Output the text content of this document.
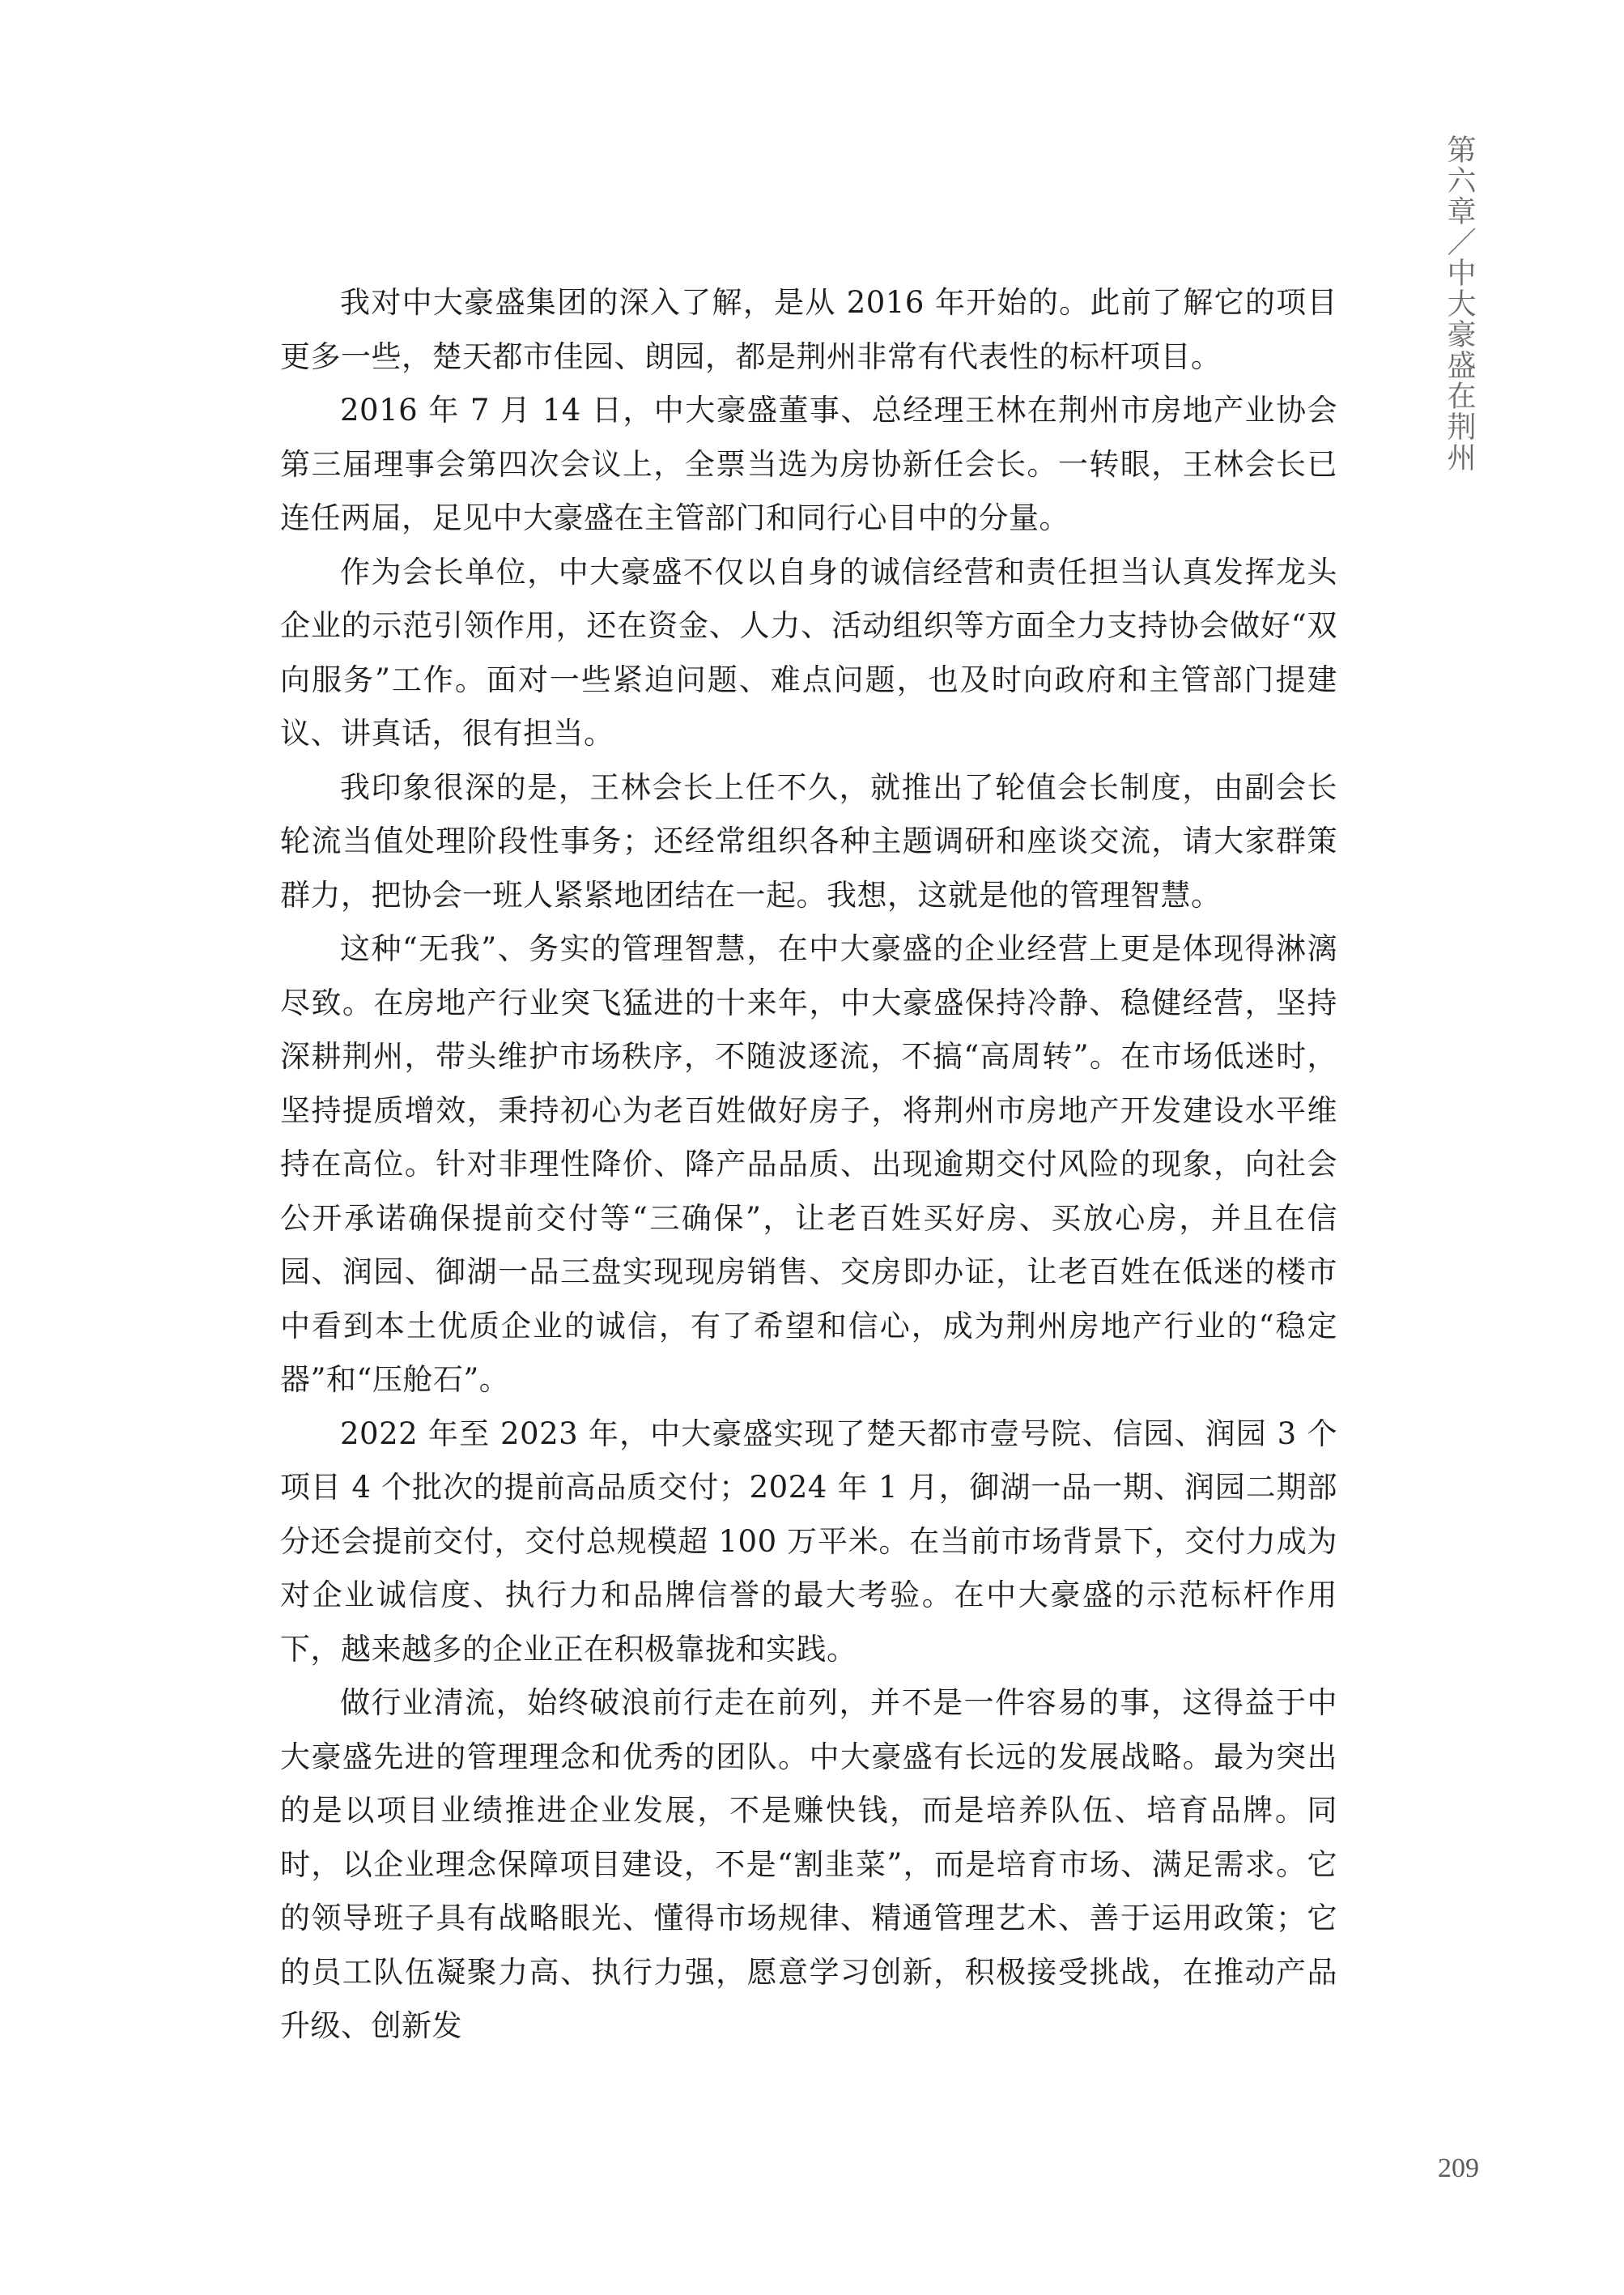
第六章／中大豪盛在荆州

我对中大豪盛集团的深入了解，是从 2016 年开始的。此前了解它的项目更多一些，楚天都市佳园、朗园，都是荆州非常有代表性的标杆项目。

2016 年 7 月 14 日，中大豪盛董事、总经理王林在荆州市房地产业协会第三届理事会第四次会议上，全票当选为房协新任会长。一转眼，王林会长已连任两届，足见中大豪盛在主管部门和同行心目中的分量。

作为会长单位，中大豪盛不仅以自身的诚信经营和责任担当认真发挥龙头企业的示范引领作用，还在资金、人力、活动组织等方面全力支持协会做好“双向服务”工作。面对一些紧迫问题、难点问题，也及时向政府和主管部门提建议、讲真话，很有担当。

我印象很深的是，王林会长上任不久，就推出了轮值会长制度，由副会长轮流当值处理阶段性事务；还经常组织各种主题调研和座谈交流，请大家群策群力，把协会一班人紧紧地团结在一起。我想，这就是他的管理智慧。

这种“无我”、务实的管理智慧，在中大豪盛的企业经营上更是体现得淋漓尽致。在房地产行业突飞猛进的十来年，中大豪盛保持冷静、稳健经营，坚持深耕荆州，带头维护市场秩序，不随波逐流，不搞“高周转”。在市场低迷时，坚持提质增效，秉持初心为老百姓做好房子，将荆州市房地产开发建设水平维持在高位。针对非理性降价、降产品品质、出现逾期交付风险的现象，向社会公开承诺确保提前交付等“三确保”，让老百姓买好房、买放心房，并且在信园、润园、御湖一品三盘实现现房销售、交房即办证，让老百姓在低迷的楼市中看到本土优质企业的诚信，有了希望和信心，成为荆州房地产行业的“稳定器”和“压舱石”。

2022 年至 2023 年，中大豪盛实现了楚天都市壹号院、信园、润园 3 个项目 4 个批次的提前高品质交付；2024 年 1 月，御湖一品一期、润园二期部分还会提前交付，交付总规模超 100 万平米。在当前市场背景下，交付力成为对企业诚信度、执行力和品牌信誉的最大考验。在中大豪盛的示范标杆作用下，越来越多的企业正在积极靠拢和实践。

做行业清流，始终破浪前行走在前列，并不是一件容易的事，这得益于中大豪盛先进的管理理念和优秀的团队。中大豪盛有长远的发展战略。最为突出的是以项目业绩推进企业发展，不是赚快钱，而是培养队伍、培育品牌。同时，以企业理念保障项目建设，不是“割韭菜”，而是培育市场、满足需求。它的领导班子具有战略眼光、懂得市场规律、精通管理艺术、善于运用政策；它的员工队伍凝聚力高、执行力强，愿意学习创新，积极接受挑战，在推动产品升级、创新发

209
